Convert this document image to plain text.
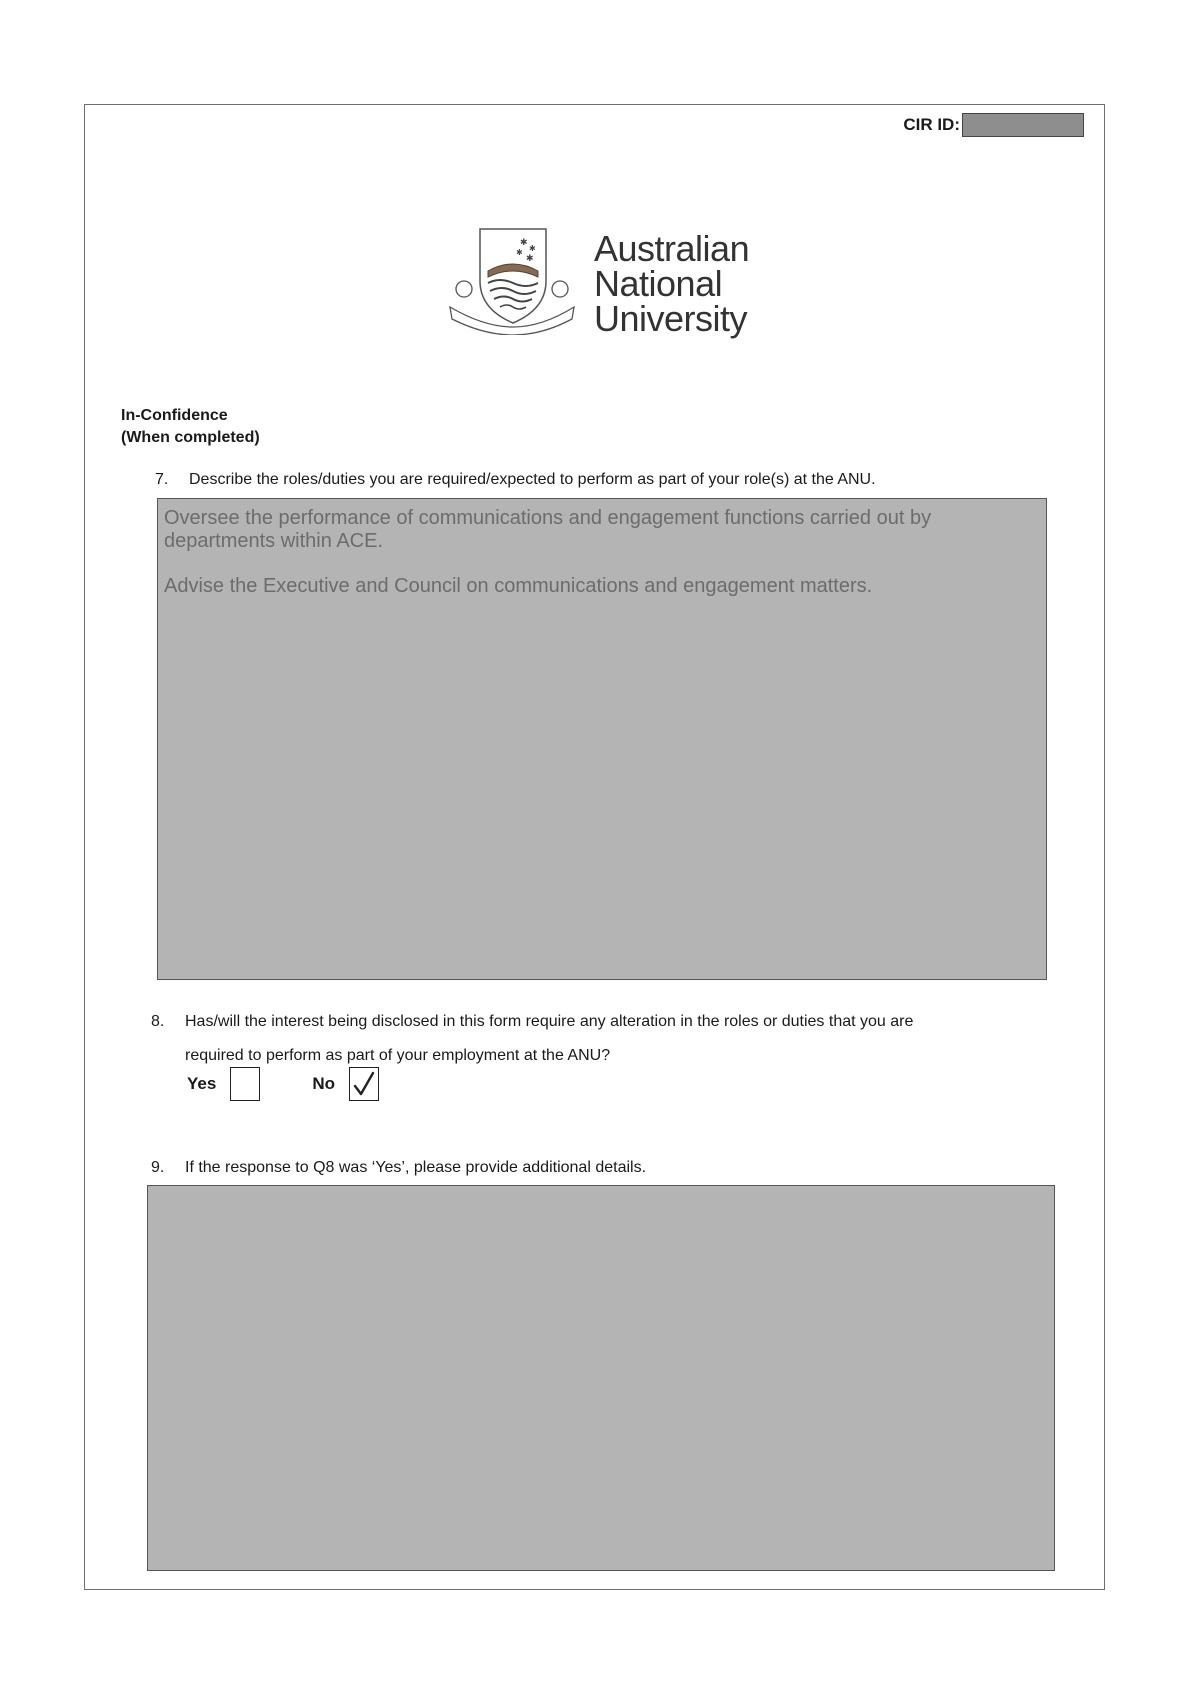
CIR ID:
✱
✱
✱
✱ Australian
National
University
In-Confidence
(When completed)
7. Describe the roles/duties you are required/expected to perform as part of your role(s) at the ANU.

Oversee the performance of communications and engagement functions carried out by departments within ACE.

Advise the Executive and Council on communications and engagement matters.

8. Has/will the interest being disclosed in this form require any alteration in the roles or duties that you are
required to perform as part of your employment at the ANU?
Yes	No
9. If the response to Q8 was ‘Yes’, please provide additional details.
